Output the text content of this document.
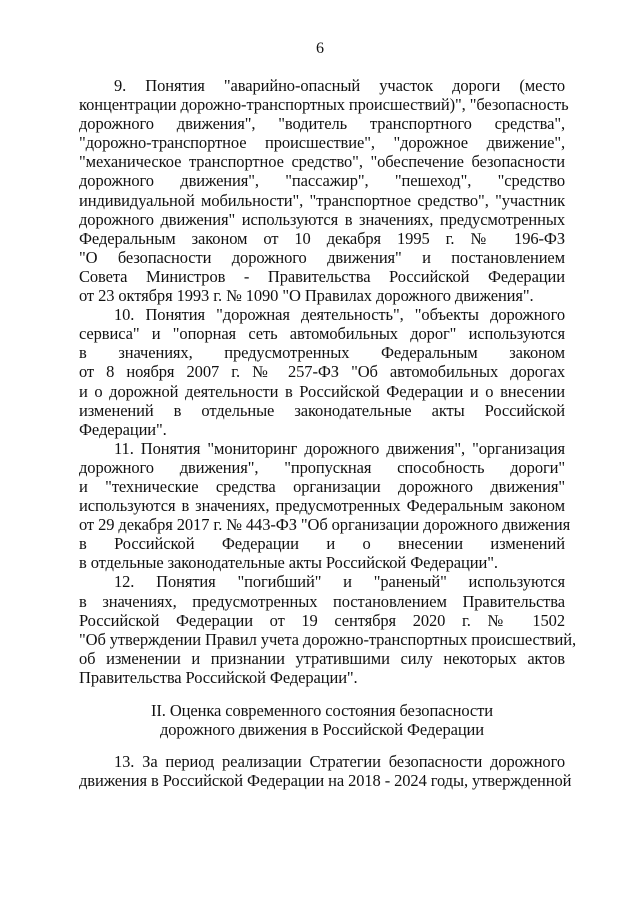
6
9. Понятия "аварийно-опасный участок дороги (место
концентрации дорожно-транспортных происшествий)", "безопасность
дорожного движения", "водитель транспортного средства",
"дорожно-транспортное происшествие", "дорожное движение",
"механическое транспортное средство", "обеспечение безопасности
дорожного движения", "пассажир", "пешеход", "средство
индивидуальной мобильности", "транспортное средство", "участник
дорожного движения" используются в значениях, предусмотренных
Федеральным законом от 10 декабря 1995 г. № 196-ФЗ
"О безопасности дорожного движения" и постановлением
Совета Министров - Правительства Российской Федерации
от 23 октября 1993 г. № 1090 "О Правилах дорожного движения".
10. Понятия "дорожная деятельность", "объекты дорожного
сервиса" и "опорная сеть автомобильных дорог" используются
в значениях, предусмотренных Федеральным законом
от 8 ноября 2007 г. № 257-ФЗ "Об автомобильных дорогах
и о дорожной деятельности в Российской Федерации и о внесении
изменений в отдельные законодательные акты Российской
Федерации".
11. Понятия "мониторинг дорожного движения", "организация
дорожного движения", "пропускная способность дороги"
и "технические средства организации дорожного движения"
используются в значениях, предусмотренных Федеральным законом
от 29 декабря 2017 г. № 443-ФЗ "Об организации дорожного движения
в Российской Федерации и о внесении изменений
в отдельные законодательные акты Российской Федерации".
12. Понятия "погибший" и "раненый" используются
в значениях, предусмотренных постановлением Правительства
Российской Федерации от 19 сентября 2020 г. № 1502
"Об утверждении Правил учета дорожно-транспортных происшествий,
об изменении и признании утратившими силу некоторых актов
Правительства Российской Федерации".
II. Оценка современного состояния безопасности
дорожного движения в Российской Федерации
13. За период реализации Стратегии безопасности дорожного
движения в Российской Федерации на 2018 - 2024 годы, утвержденной
